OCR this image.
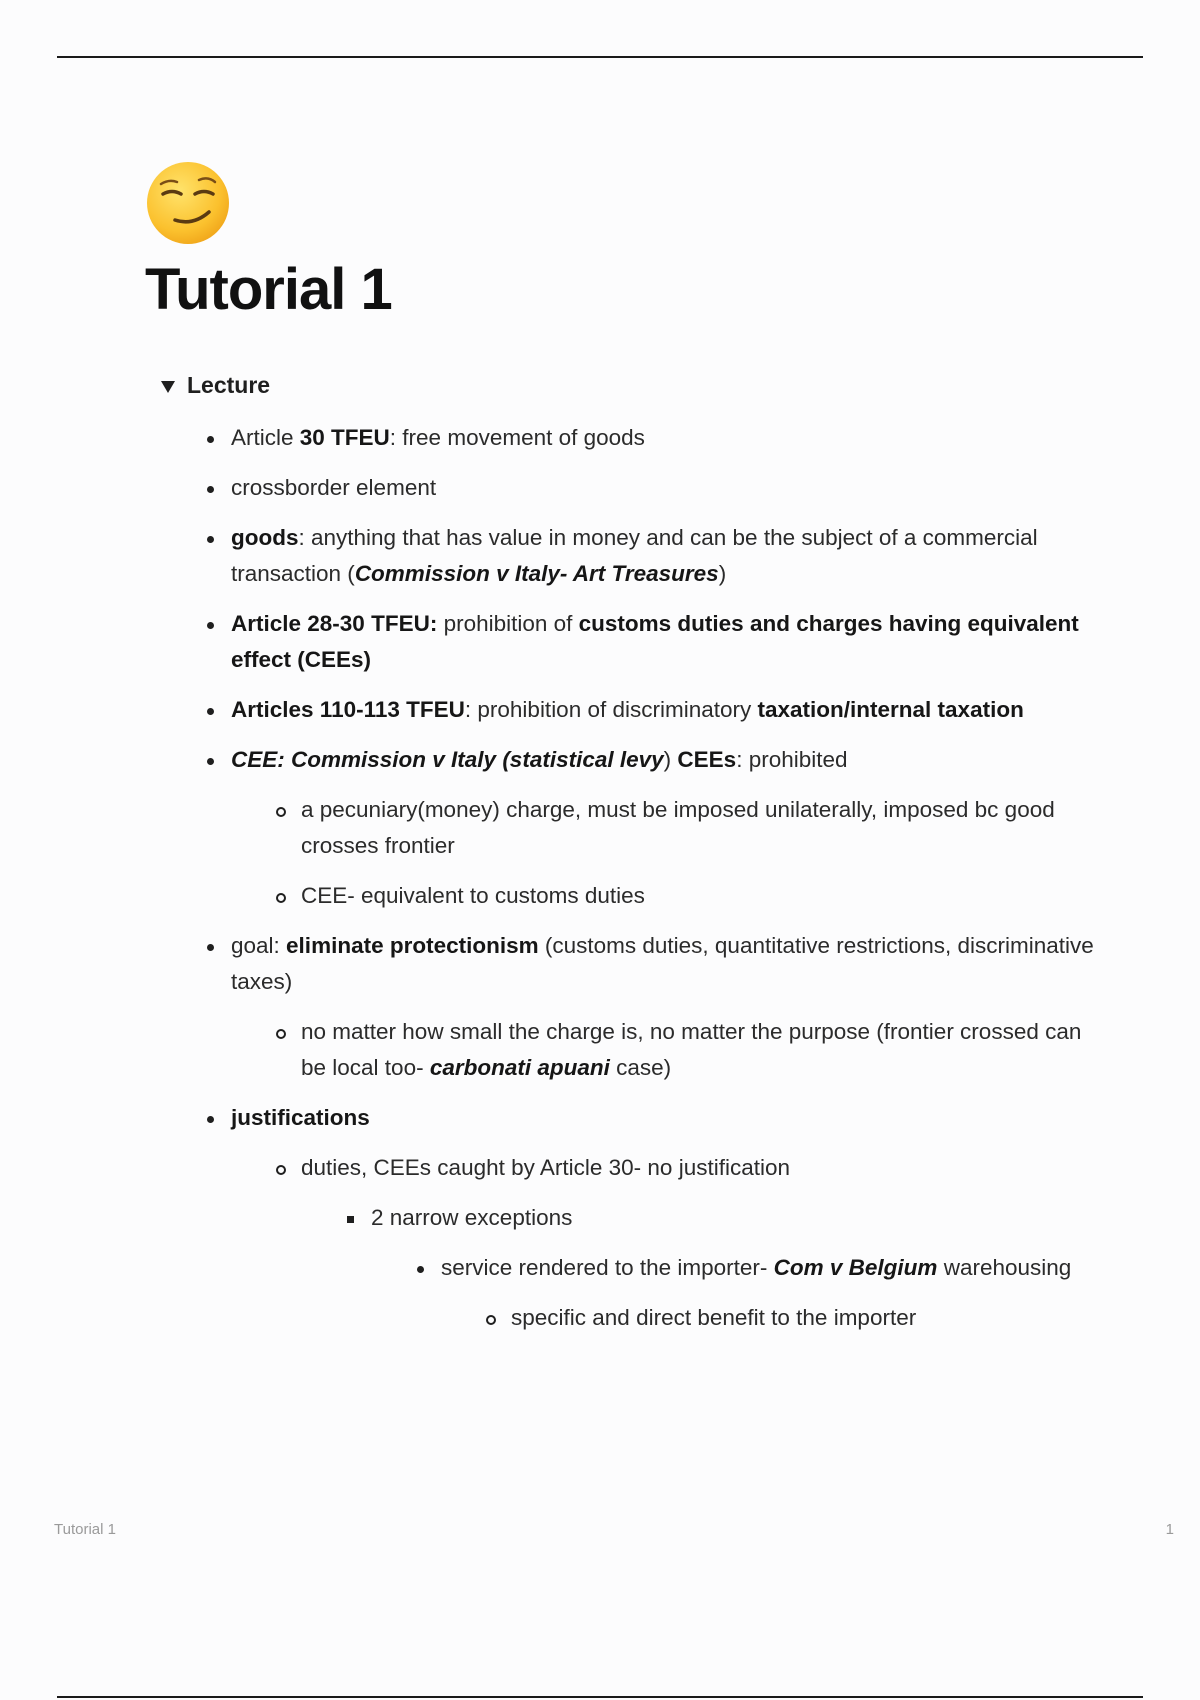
Tutorial 1
Lecture
Article 30 TFEU: free movement of goods
crossborder element
goods: anything that has value in money and can be the subject of a commercial transaction (Commission v Italy- Art Treasures)
Article 28-30 TFEU: prohibition of customs duties and charges having equivalent effect (CEEs)
Articles 110-113 TFEU: prohibition of discriminatory taxation/internal taxation
CEE: Commission v Italy (statistical levy) CEEs: prohibited
a pecuniary(money) charge, must be imposed unilaterally, imposed bc good crosses frontier
CEE- equivalent to customs duties
goal: eliminate protectionism (customs duties, quantitative restrictions, discriminative taxes)
no matter how small the charge is, no matter the purpose (frontier crossed can be local too- carbonati apuani case)
justifications
duties, CEEs caught by Article 30- no justification
2 narrow exceptions
service rendered to the importer- Com v Belgium warehousing
specific and direct benefit to the importer
Tutorial 1	1
